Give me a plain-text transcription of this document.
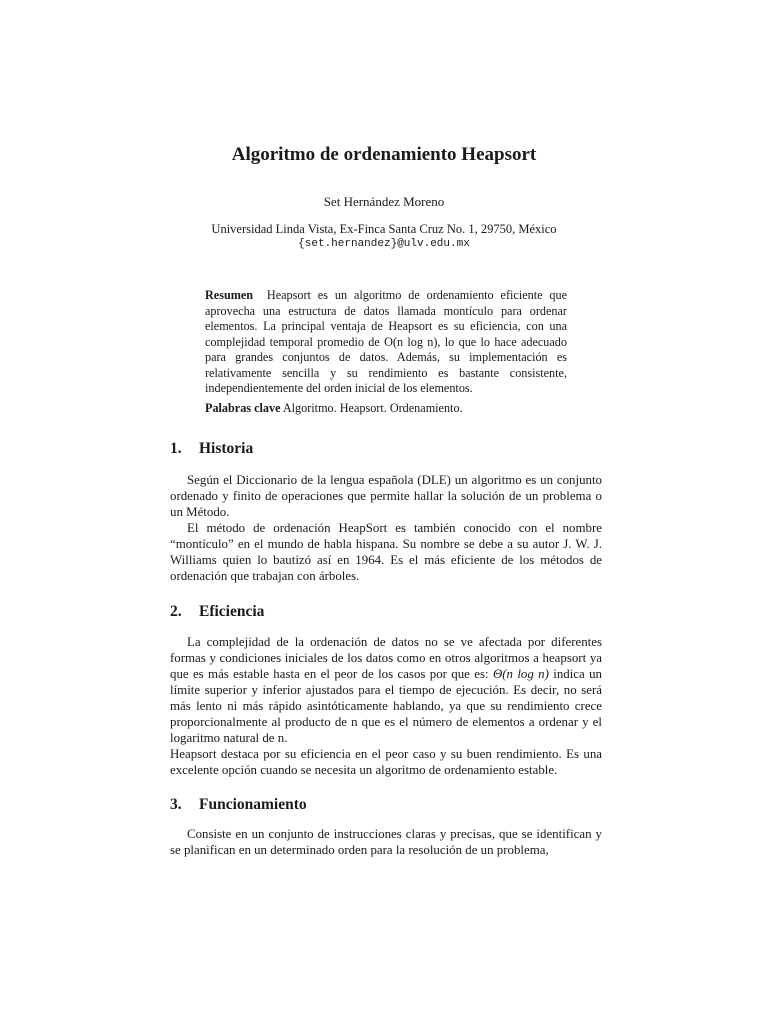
Algoritmo de ordenamiento Heapsort
Set Hernández Moreno
Universidad Linda Vista, Ex-Finca Santa Cruz No. 1, 29750, México
{set.hernandez}@ulv.edu.mx
Resumen Heapsort es un algoritmo de ordenamiento eficiente que aprovecha una estructura de datos llamada montículo para ordenar elementos. La principal ventaja de Heapsort es su eficiencia, con una complejidad temporal promedio de O(n log n), lo que lo hace adecuado para grandes conjuntos de datos. Además, su implementación es relativamente sencilla y su rendimiento es bastante consistente, independientemente del orden inicial de los elementos.
Palabras clave Algoritmo. Heapsort. Ordenamiento.
1. Historia

Según el Diccionario de la lengua española (DLE) un algoritmo es un conjunto ordenado y finito de operaciones que permite hallar la solución de un problema o un Método.

El método de ordenación HeapSort es también conocido con el nombre “montículo” en el mundo de habla hispana. Su nombre se debe a su autor J. W. J. Williams quien lo bautizó así en 1964. Es el más eficiente de los métodos de ordenación que trabajan con árboles.

2. Eficiencia

La complejidad de la ordenación de datos no se ve afectada por diferentes formas y condiciones iniciales de los datos como en otros algoritmos a heapsort ya que es más estable hasta en el peor de los casos por que es: Θ(n log n) indica un límite superior y inferior ajustados para el tiempo de ejecución. Es decir, no será más lento ni más rápido asintóticamente hablando, ya que su rendimiento crece proporcionalmente al producto de n que es el número de elementos a ordenar y el logaritmo natural de n.

Heapsort destaca por su eficiencia en el peor caso y su buen rendimiento. Es una excelente opción cuando se necesita un algoritmo de ordenamiento estable.

3. Funcionamiento

Consiste en un conjunto de instrucciones claras y precisas, que se identifican y se planifican en un determinado orden para la resolución de un problema,
